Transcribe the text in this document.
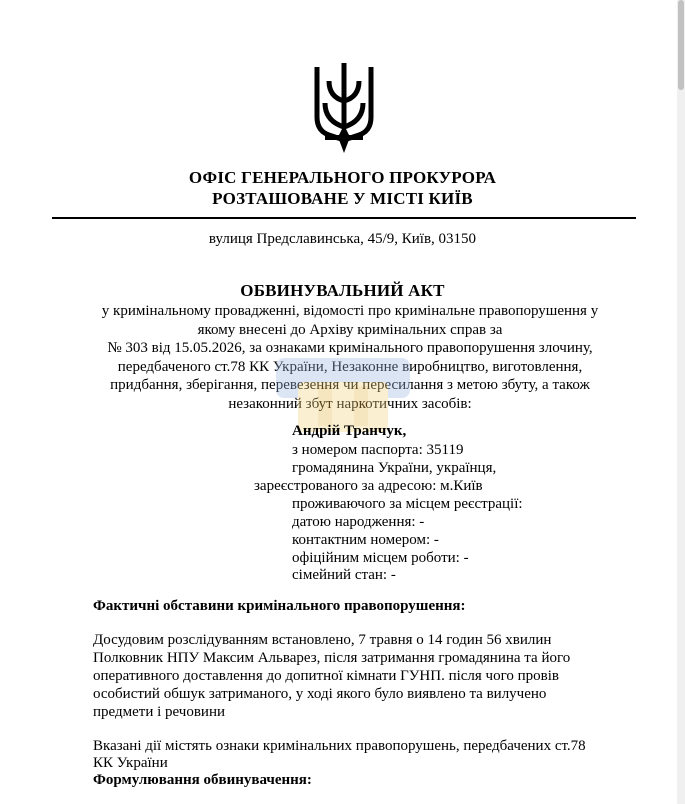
ОФІС ГЕНЕРАЛЬНОГО ПРОКУРОРА
РОЗТАШОВАНЕ У МІСТІ КИЇВ
вулиця Предславинська, 45/9, Київ, 03150
ОБВИНУВАЛЬНИЙ АКТ
у кримінальному провадженні, відомості про кримінальне правопорушення у
якому внесені до Архіву кримінальних справ за
№ 303 від 15.05.2026, за ознаками кримінального правопорушення злочину,
передбаченого ст.78 КК України, Незаконне виробництво, виготовлення,
придбання, зберігання, перевезення чи пересилання з метою збуту, а також
незаконний збут наркотичних засобів:
Андрій Транчук,
з номером паспорта: 35119
громадянина України, українця,
зареєстрованого за адресою: м.Київ
проживаючого за місцем реєстрації:
датою народження: -
контактним номером: -
офіційним місцем роботи: -
сімейний стан: -
Фактичні обставини кримінального правопорушення:
Досудовим розслідуванням встановлено, 7 травня о 14 годин 56 хвилин
Полковник НПУ Максим Альварез, після затримання громадянина та його
оперативного доставлення до допитної кімнати ГУНП. після чого провів
особистий обшук затриманого, у ході якого було виявлено та вилучено
предмети і речовини
Вказані дії містять ознаки кримінальних правопорушень, передбачених ст.78
КК України
Формулювання обвинувачення:
